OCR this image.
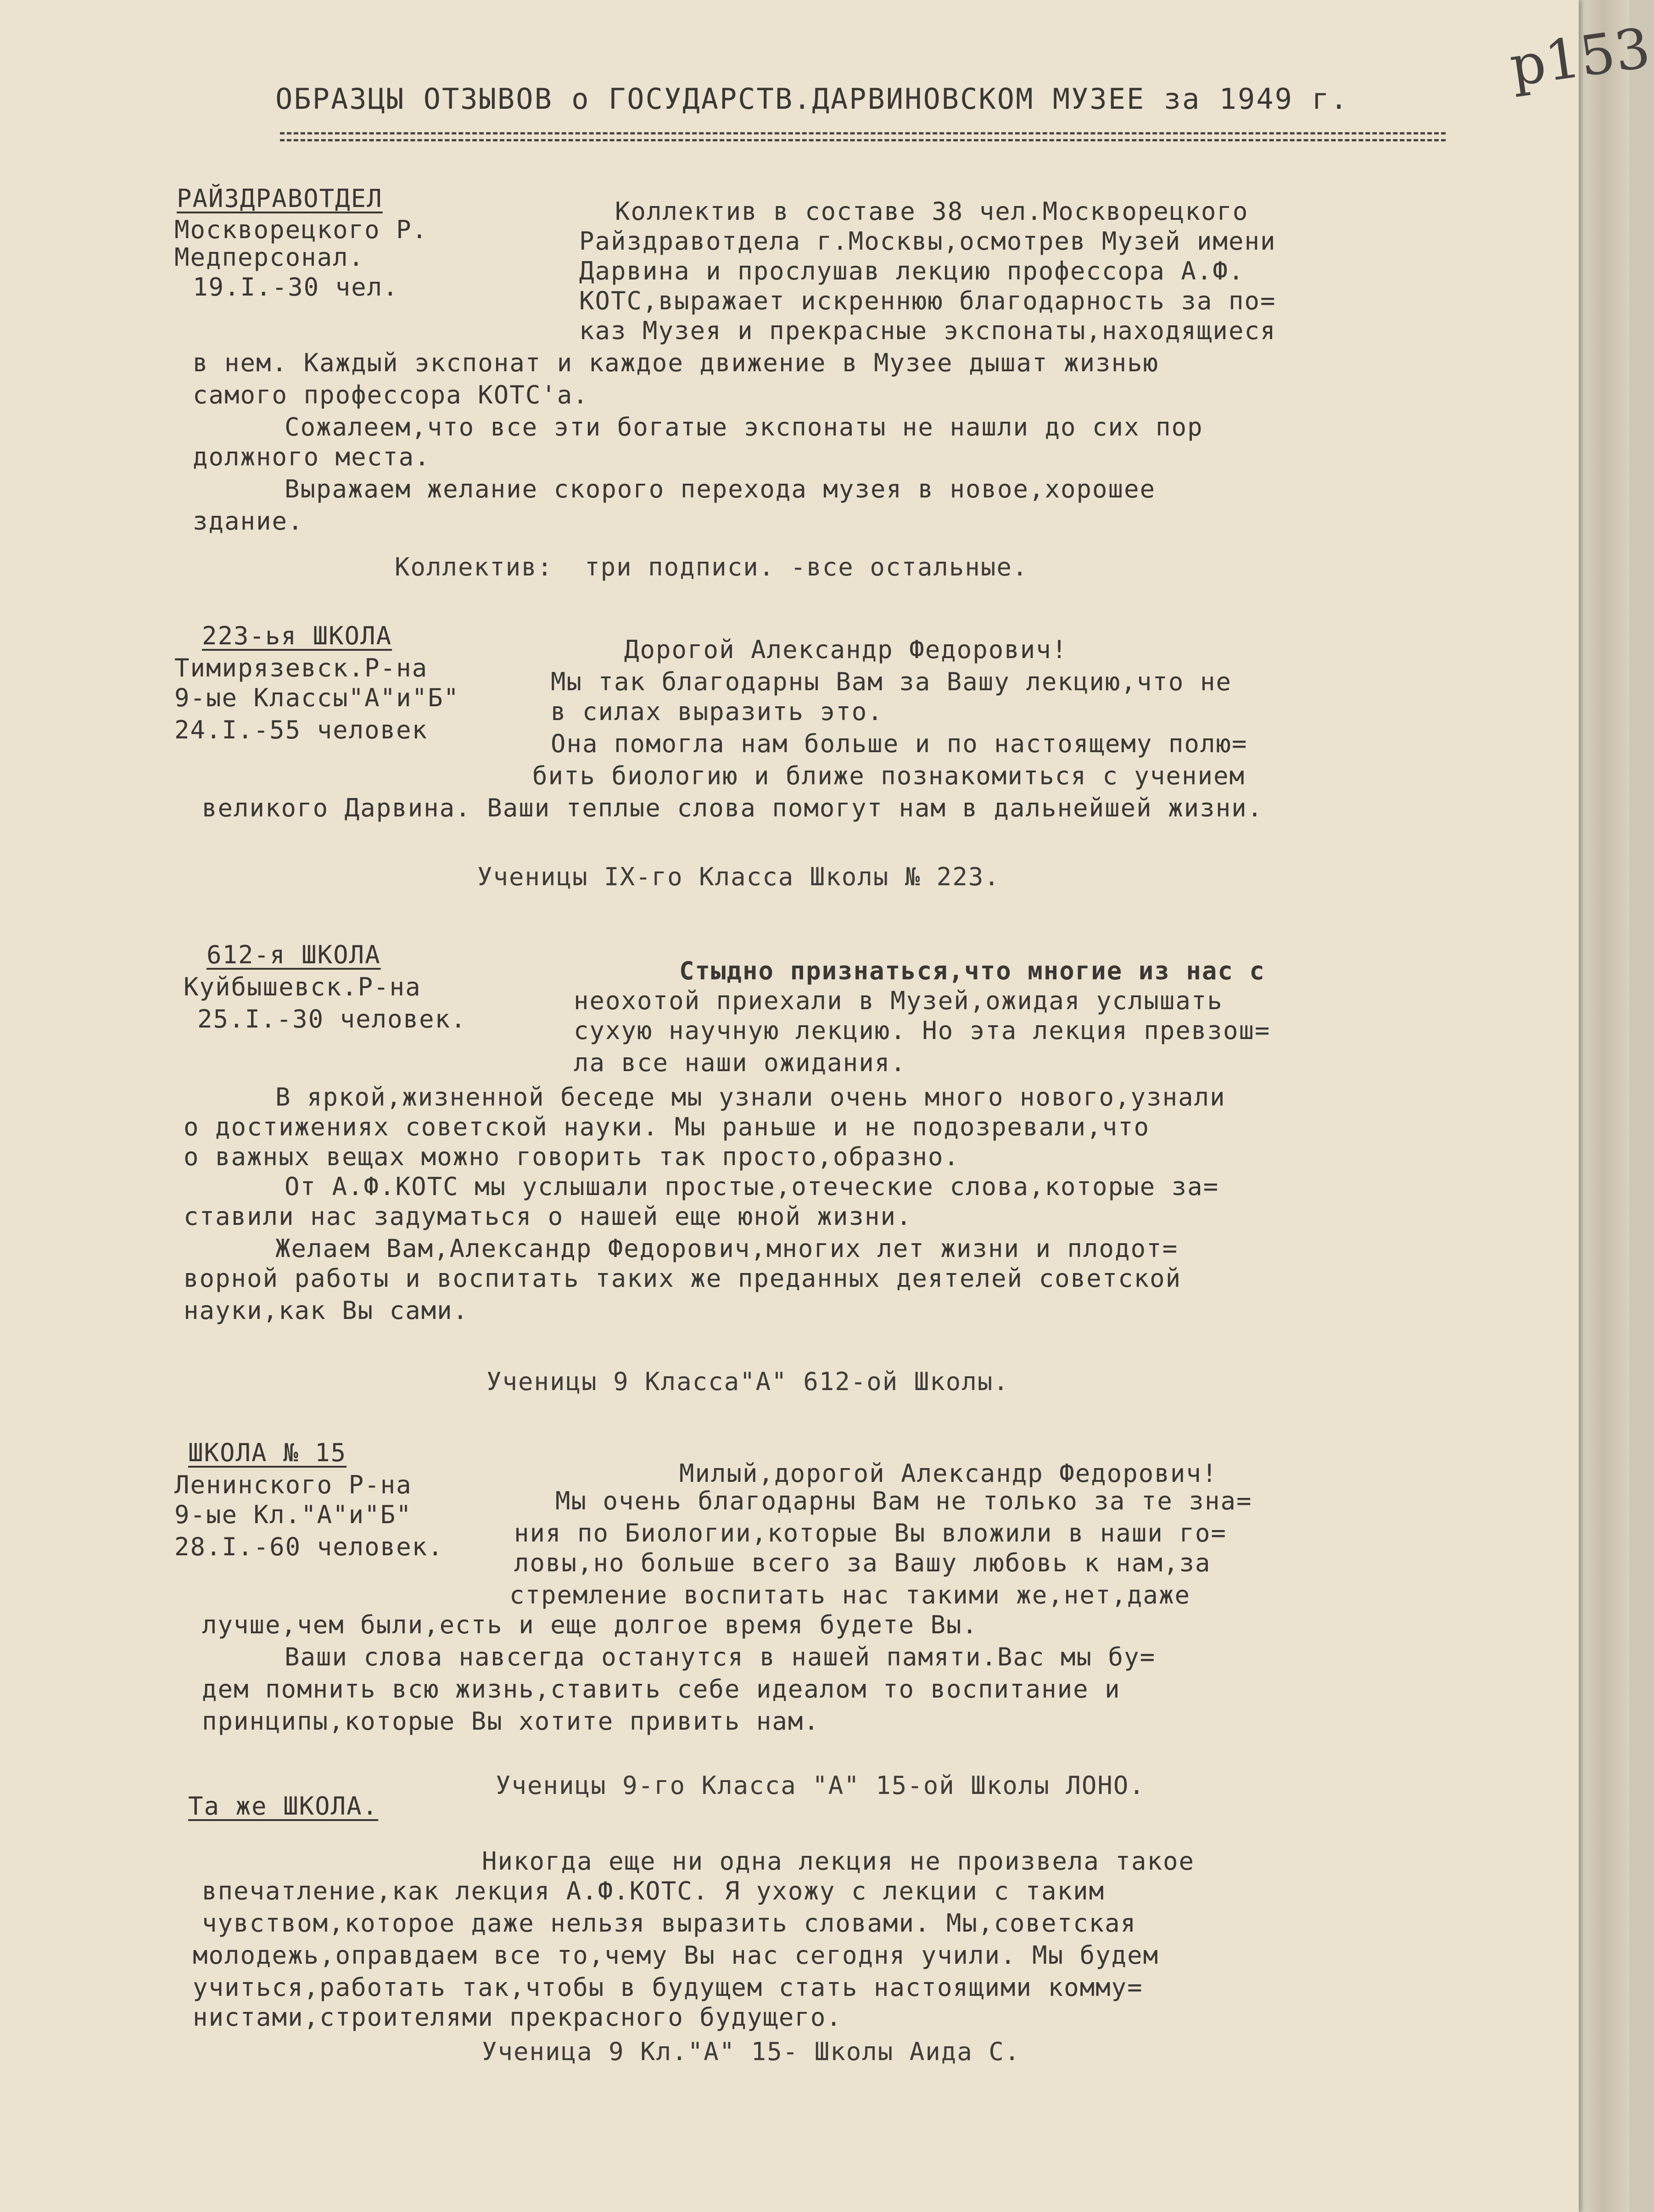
ОБРАЗЦЫ ОТЗЫВОВ о ГОСУДАРСТВ.ДАРВИНОВСКОМ МУЗЕЕ за 1949 г.	р153
РАЙЗДРАВОТДЕЛ
Москворецкого Р.
Медперсонал.
19.I.-30 чел.
Коллектив в составе 38 чел.Москворецкого
Райздравотдела г.Москвы,осмотрев Музей имени
Дарвина и прослушав лекцию профессора А.Ф.
КОТС,выражает искреннюю благодарность за по=
каз Музея и прекрасные экспонаты,находящиеся
в нем. Каждый экспонат и каждое движение в Музее дышат жизнью
самого профессора КОТС'а.
Сожалеем,что все эти богатые экспонаты не нашли до сих пор
должного места.
Выражаем желание скорого перехода музея в новое,хорошее
здание.
Коллектив:  три подписи. -все остальные.
223-ья ШКОЛА
Тимирязевск.Р-на
9-ые Классы"А"и"Б"
24.I.-55 человек
Дорогой Александр Федорович!
Мы так благодарны Вам за Вашу лекцию,что не
в силах выразить это.
Она помогла нам больше и по настоящему полю=
бить биологию и ближе познакомиться с учением
великого Дарвина. Ваши теплые слова помогут нам в дальнейшей жизни.
Ученицы IX-го Класса Школы № 223.
612-я ШКОЛА
Куйбышевск.Р-на
25.I.-30 человек.
Стыдно признаться,что многие из нас с
неохотой приехали в Музей,ожидая услышать
сухую научную лекцию. Но эта лекция превзош=
ла все наши ожидания.
В яркой,жизненной беседе мы узнали очень много нового,узнали
о достижениях советской науки. Мы раньше и не подозревали,что
о важных вещах можно говорить так просто,образно.
От А.Ф.КОТС мы услышали простые,отеческие слова,которые за=
ставили нас задуматься о нашей еще юной жизни.
Желаем Вам,Александр Федорович,многих лет жизни и плодот=
ворной работы и воспитать таких же преданных деятелей советской
науки,как Вы сами.
Ученицы 9 Класса"А" 612-ой Школы.
ШКОЛА № 15
Ленинского Р-на
9-ые Кл."А"и"Б"
28.I.-60 человек.
Милый,дорогой Александр Федорович!
Мы очень благодарны Вам не только за те зна=
ния по Биологии,которые Вы вложили в наши го=
ловы,но больше всего за Вашу любовь к нам,за
стремление воспитать нас такими же,нет,даже
лучше,чем были,есть и еще долгое время будете Вы.
Ваши слова навсегда останутся в нашей памяти.Вас мы бу=
дем помнить всю жизнь,ставить себе идеалом то воспитание и
принципы,которые Вы хотите привить нам.
Ученицы 9-го Класса "А" 15-ой Школы ЛОНО.
Та же ШКОЛА.
Никогда еще ни одна лекция не произвела такое
впечатление,как лекция А.Ф.КОТС. Я ухожу с лекции с таким
чувством,которое даже нельзя выразить словами. Мы,советская
молодежь,оправдаем все то,чему Вы нас сегодня учили. Мы будем
учиться,работать так,чтобы в будущем стать настоящими комму=
нистами,строителями прекрасного будущего.
Ученица 9 Кл."А" 15- Школы Аида С.
